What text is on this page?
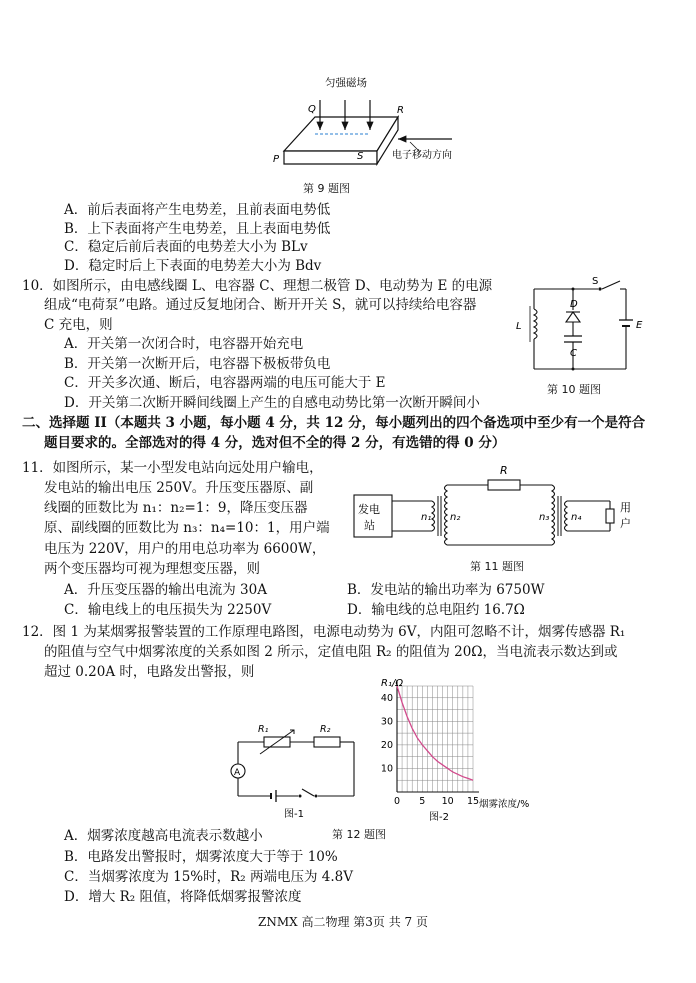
匀强磁场
Q	R
P	S	电子移动方向
第 9 题图
A．前后表面将产生电势差，且前表面电势低
B．上下表面将产生电势差，且上表面电势低
C．稳定后前后表面的电势差大小为 BLv
D．稳定时后上下表面的电势差大小为 Bdv
10．如图所示，由电感线圈 L、电容器 C、理想二极管 D、电动势为 E 的电源
组成“电荷泵”电路。通过反复地闭合、断开开关 S，就可以持续给电容器
C 充电，则
A．开关第一次闭合时，电容器开始充电
B．开关第一次断开后，电容器下极板带负电
C．开关多次通、断后，电容器两端的电压可能大于 E
D．开关第二次断开瞬间线圈上产生的自感电动势比第一次断开瞬间小
S
D
L
C
E
第 10 题图
二、选择题 II（本题共 3 小题，每小题 4 分，共 12 分，每小题列出的四个备选项中至少有一个是符合
题目要求的。全部选对的得 4 分，选对但不全的得 2 分，有选错的得 0 分）
11．如图所示，某一小型发电站向远处用户输电，
发电站的输出电压 250V。升压变压器原、副
线圈的匝数比为 n₁：n₂=1：9，降压变压器
原、副线圈的匝数比为 n₃：n₄=10：1，用户端
电压为 220V，用户的用电总功率为 6600W，
两个变压器均可视为理想变压器，则
A．升压变压器的输出电流为 30A	B．发电站的输出功率为 6750W
C．输电线上的电压损失为 2250V	D．输电线的总电阻约 16.7Ω
发电
站
R
n₁ n₂	n₃ n₄
用
户
第 11 题图
12．图 1 为某烟雾报警装置的工作原理电路图，电源电动势为 6V，内阻可忽略不计，烟雾传感器 R₁
的阻值与空气中烟雾浓度的关系如图 2 所示，定值电阻 R₂ 的阻值为 20Ω，当电流表示数达到或
超过 0.20A 时，电路发出警报，则
A
R₁	R₂
图-1
0 5 10 15
10
20
30
40
R₁/Ω
烟雾浓度/%
图-2
第 12 题图
A．烟雾浓度越高电流表示数越小
B．电路发出警报时，烟雾浓度大于等于 10%
C．当烟雾浓度为 15%时，R₂ 两端电压为 4.8V
D．增大 R₂ 阻值，将降低烟雾报警浓度
ZNMX 高二物理 第3页 共 7 页
